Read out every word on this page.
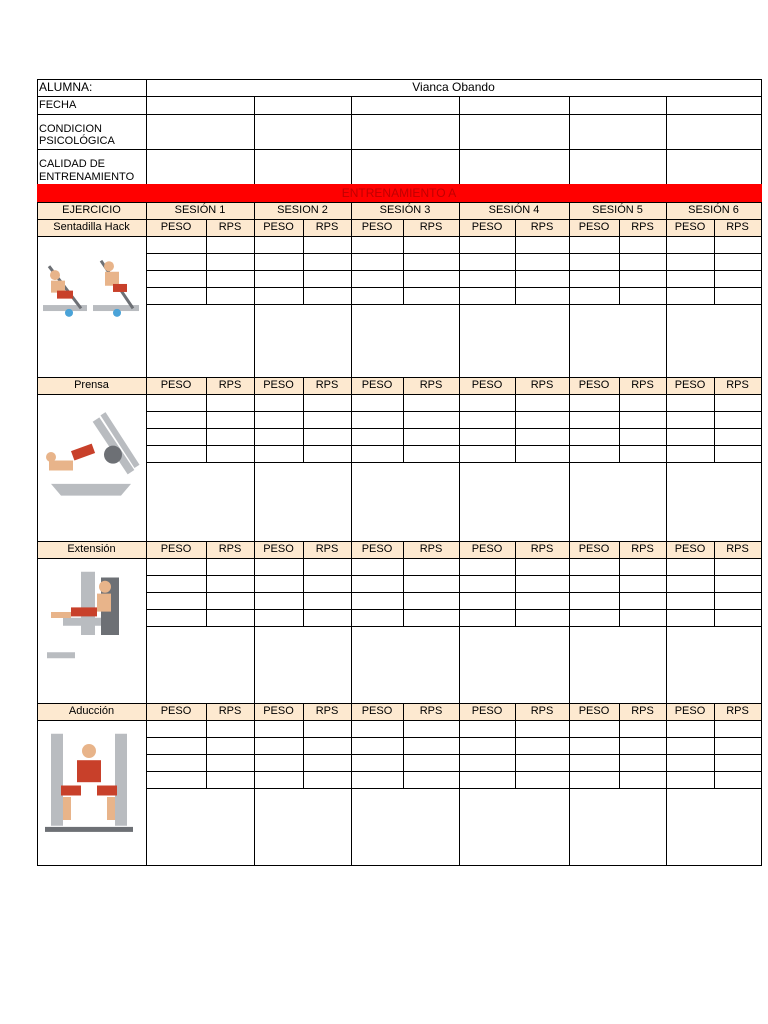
ALUMNA:	Vianca Obando
FECHA
CONDICION
PSICOLÓGICA
CALIDAD DE
ENTRENAMIENTO
ENTRENAMIENTO A
EJERCICIO	SESIÓN 1	SESION 2	SESIÓN 3	SESIÓN 4	SESIÓN 5	SESIÓN 6
Sentadilla Hack	PESO	RPS	PESO	RPS	PESO	RPS	PESO	RPS	PESO	RPS	PESO	RPS
Prensa	PESO	RPS	PESO	RPS	PESO	RPS	PESO	RPS	PESO	RPS	PESO	RPS
Extensión	PESO	RPS	PESO	RPS	PESO	RPS	PESO	RPS	PESO	RPS	PESO	RPS
Aducción	PESO	RPS	PESO	RPS	PESO	RPS	PESO	RPS	PESO	RPS	PESO	RPS
